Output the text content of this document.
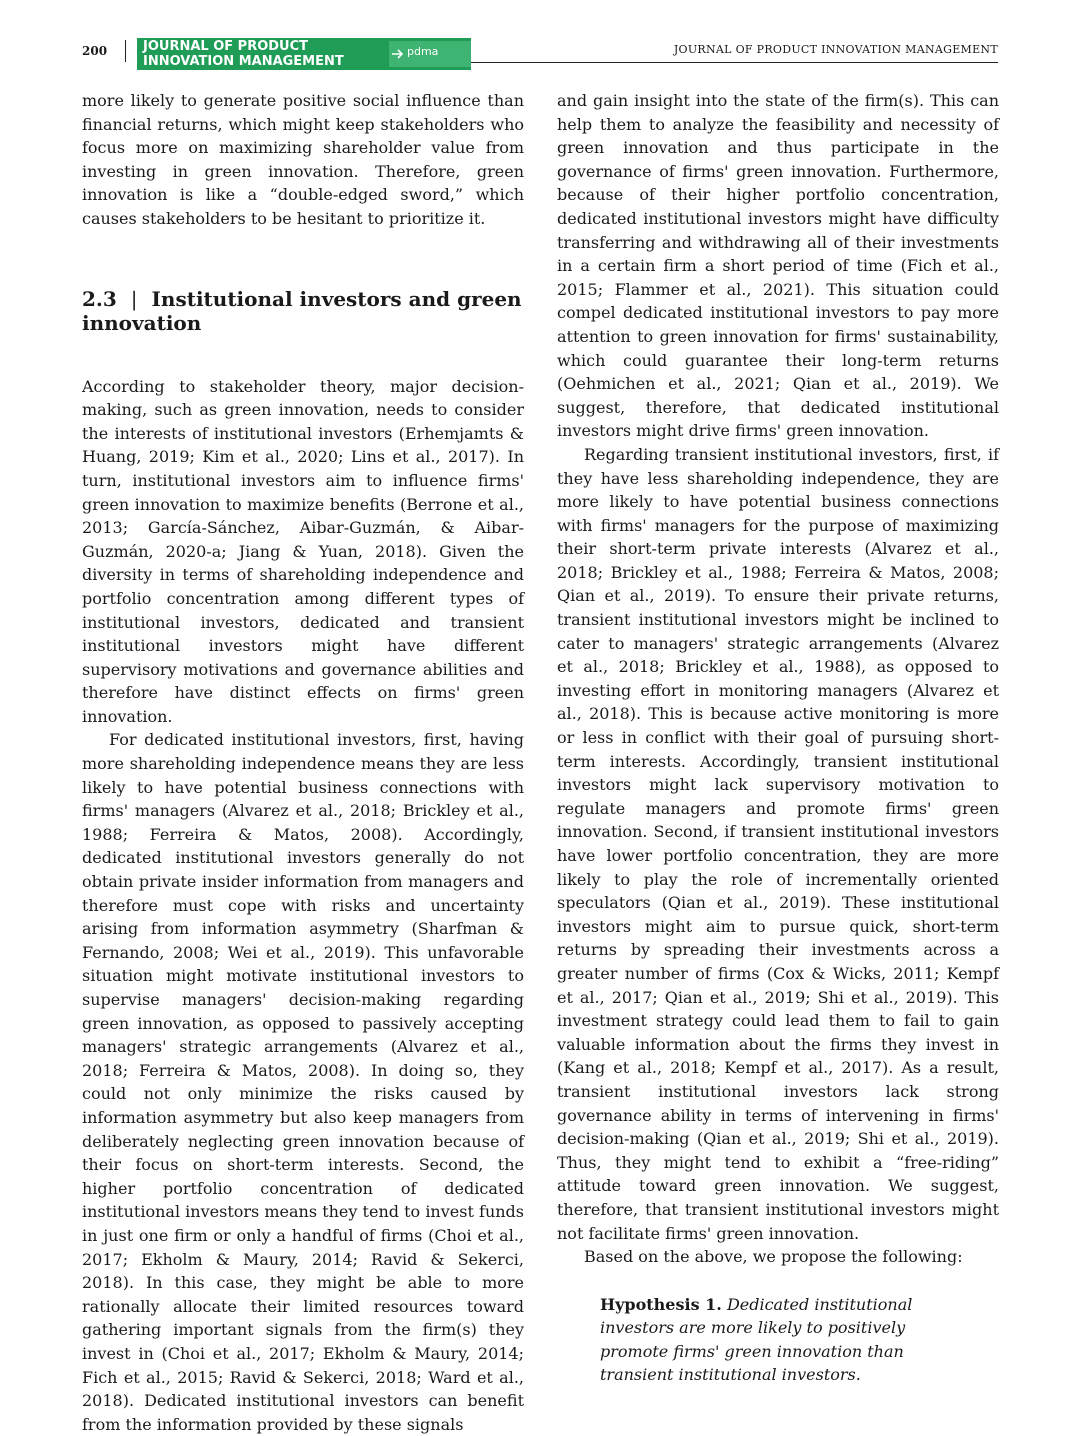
200	JOURNAL OF PRODUCT
INNOVATION MANAGEMENT
pdma	JOURNAL OF PRODUCT INNOVATION MANAGEMENT

more likely to generate positive social influence than financial returns, which might keep stakeholders who focus more on maximizing shareholder value from investing in green innovation. Therefore, green innovation is like a “double-edged sword,” which causes stakeholders to be hesitant to prioritize it.

2.3 | Institutional investors and green innovation

According to stakeholder theory, major decision-making, such as green innovation, needs to consider the interests of institutional investors (Erhemjamts & Huang, 2019; Kim et al., 2020; Lins et al., 2017). In turn, institutional investors aim to influence firms' green innovation to maximize benefits (Berrone et al., 2013; García-Sánchez, Aibar-Guzmán, & Aibar-Guzmán, 2020-a; Jiang & Yuan, 2018). Given the diversity in terms of shareholding independence and portfolio concentration among different types of institutional investors, dedicated and transient institutional investors might have different supervisory motivations and governance abilities and therefore have distinct effects on firms' green innovation.

For dedicated institutional investors, first, having more shareholding independence means they are less likely to have potential business connections with firms' managers (Alvarez et al., 2018; Brickley et al., 1988; Ferreira & Matos, 2008). Accordingly, dedicated institutional investors generally do not obtain private insider information from managers and therefore must cope with risks and uncertainty arising from information asymmetry (Sharfman & Fernando, 2008; Wei et al., 2019). This unfavorable situation might motivate institutional investors to supervise managers' decision-making regarding green innovation, as opposed to passively accepting managers' strategic arrangements (Alvarez et al., 2018; Ferreira & Matos, 2008). In doing so, they could not only minimize the risks caused by information asymmetry but also keep managers from deliberately neglecting green innovation because of their focus on short-term interests. Second, the higher portfolio concentration of dedicated institutional investors means they tend to invest funds in just one firm or only a handful of firms (Choi et al., 2017; Ekholm & Maury, 2014; Ravid & Sekerci, 2018). In this case, they might be able to more rationally allocate their limited resources toward gathering important signals from the firm(s) they invest in (Choi et al., 2017; Ekholm & Maury, 2014; Fich et al., 2015; Ravid & Sekerci, 2018; Ward et al., 2018). Dedicated institutional investors can benefit from the information provided by these signals

and gain insight into the state of the firm(s). This can help them to analyze the feasibility and necessity of green innovation and thus participate in the governance of firms' green innovation. Furthermore, because of their higher portfolio concentration, dedicated institutional investors might have difficulty transferring and withdrawing all of their investments in a certain firm a short period of time (Fich et al., 2015; Flammer et al., 2021). This situation could compel dedicated institutional investors to pay more attention to green innovation for firms' sustainability, which could guarantee their long-term returns (Oehmichen et al., 2021; Qian et al., 2019). We suggest, therefore, that dedicated institutional investors might drive firms' green innovation.

Regarding transient institutional investors, first, if they have less shareholding independence, they are more likely to have potential business connections with firms' managers for the purpose of maximizing their short-term private interests (Alvarez et al., 2018; Brickley et al., 1988; Ferreira & Matos, 2008; Qian et al., 2019). To ensure their private returns, transient institutional investors might be inclined to cater to managers' strategic arrangements (Alvarez et al., 2018; Brickley et al., 1988), as opposed to investing effort in monitoring managers (Alvarez et al., 2018). This is because active monitoring is more or less in conflict with their goal of pursuing short-term interests. Accordingly, transient institutional investors might lack supervisory motivation to regulate managers and promote firms' green innovation. Second, if transient institutional investors have lower portfolio concentration, they are more likely to play the role of incrementally oriented speculators (Qian et al., 2019). These institutional investors might aim to pursue quick, short-term returns by spreading their investments across a greater number of firms (Cox & Wicks, 2011; Kempf et al., 2017; Qian et al., 2019; Shi et al., 2019). This investment strategy could lead them to fail to gain valuable information about the firms they invest in (Kang et al., 2018; Kempf et al., 2017). As a result, transient institutional investors lack strong governance ability in terms of intervening in firms' decision-making (Qian et al., 2019; Shi et al., 2019). Thus, they might tend to exhibit a “free-riding” attitude toward green innovation. We suggest, therefore, that transient institutional investors might not facilitate firms' green innovation.

Based on the above, we propose the following:

Hypothesis 1. Dedicated institutional investors are more likely to positively promote firms' green innovation than transient institutional investors.
